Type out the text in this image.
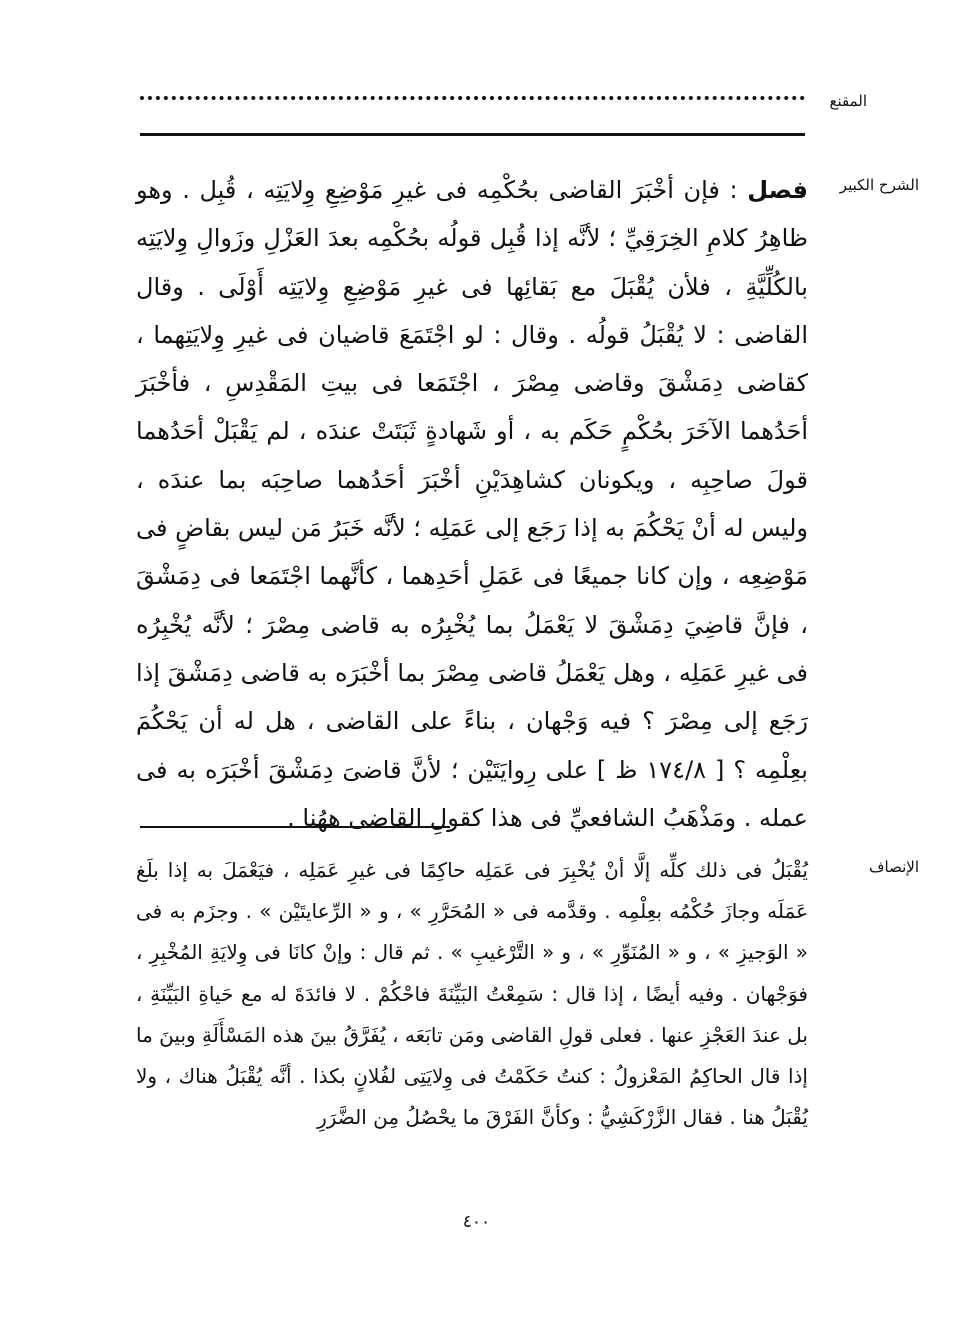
المقنع
الشرح الكبير

فصل : فإن أخْبَرَ القاضى بحُكْمِه فى غيرِ مَوْضِعِ وِلايَتِه ، قُبِل . وهو ظاهِرُ كلامِ الخِرَقِيِّ ؛ لأنَّه إذا قُبِل قولُه بحُكْمِه بعدَ العَزْلِ وزَوالِ وِلايَتِه بالكُلِّيَّةِ ، فلأن يُقْبَلَ مع بَقائِها فى غيرِ مَوْضِعِ وِلايَتِه أَوْلَى . وقال القاضى : لا يُقْبَلُ قولُه . وقال : لو اجْتَمَعَ قاضيان فى غيرِ وِلايَتِهما ، كقاضى دِمَشْقَ وقاضى مِصْرَ ، اجْتَمَعا فى بيتِ المَقْدِسِ ، فأخْبَرَ أحَدُهما الآخَرَ بحُكْمٍ حَكَم به ، أو شَهادةٍ ثَبَتَتْ عندَه ، لم يَقْبَلْ أحَدُهما قولَ صاحِبِه ، ويكونان كشاهِدَيْنِ أخْبَرَ أحَدُهما صاحِبَه بما عندَه ، وليس له أنْ يَحْكُمَ به إذا رَجَع إلى عَمَلِه ؛ لأنَّه خَبَرُ مَن ليس بقاضٍ فى مَوْضِعِه ، وإن كانا جميعًا فى عَمَلِ أحَدِهما ، كأنَّهما اجْتَمَعا فى دِمَشْقَ ، فإنَّ قاضِيَ دِمَشْقَ لا يَعْمَلُ بما يُخْبِرُه به قاضى مِصْرَ ؛ لأنَّه يُخْبِرُه فى غيرِ عَمَلِه ، وهل يَعْمَلُ قاضى مِصْرَ بما أخْبَرَه به قاضى دِمَشْقَ إذا رَجَع إلى مِصْرَ ؟ فيه وَجْهان ، بناءً على القاضى ، هل له أن يَحْكُمَ بعِلْمِه ؟ [ ١٧٤/٨ ظ ] على رِوايَتَيْن ؛ لأنَّ قاضىَ دِمَشْقَ أخْبَرَه به فى عمله . ومَذْهَبُ الشافعيِّ فى هذا كقولِ القاضى ههُنا .

الإنصاف

يُقْبَلُ فى ذلك كلِّه إلَّا أنْ يُخْبِرَ فى عَمَلِه حاكِمًا فى غيرِ عَمَلِه ، فيَعْمَلَ به إذا بلَغ عَمَلَه وجازَ حُكْمُه بعِلْمِه . وقدَّمه فى « المُحَرَّرِ » ، و « الرِّعايتَيْن » . وجزَم به فى « الوَجيزِ » ، و « المُنَوِّرِ » ، و « التَّرْغيبِ » . ثم قال : وإنْ كانَا فى وِلايَةِ المُخْبِرِ ، فوَجْهان . وفيه أيضًا ، إذا قال : سَمِعْتُ البَيِّنَةَ فاحْكُمْ . لا فائدَةَ له مع حَياةِ البَيِّنَةِ ، بل عندَ العَجْزِ عنها . فعلى قولِ القاضى ومَن تابَعَه ، يُفَرَّقُ بينَ هذه المَسْأَلَةِ وبينَ ما إذا قال الحاكِمُ المَعْزولُ : كنتُ حَكَمْتُ فى وِلايَتِى لفُلانٍ بكذا . أنَّه يُقْبَلُ هناك ، ولا يُقْبَلُ هنا . فقال الزَّرْكَشِيُّ : وكأنَّ الفَرْقَ ما يحْصُلُ مِن الضَّرَرِ

٤٠٠
